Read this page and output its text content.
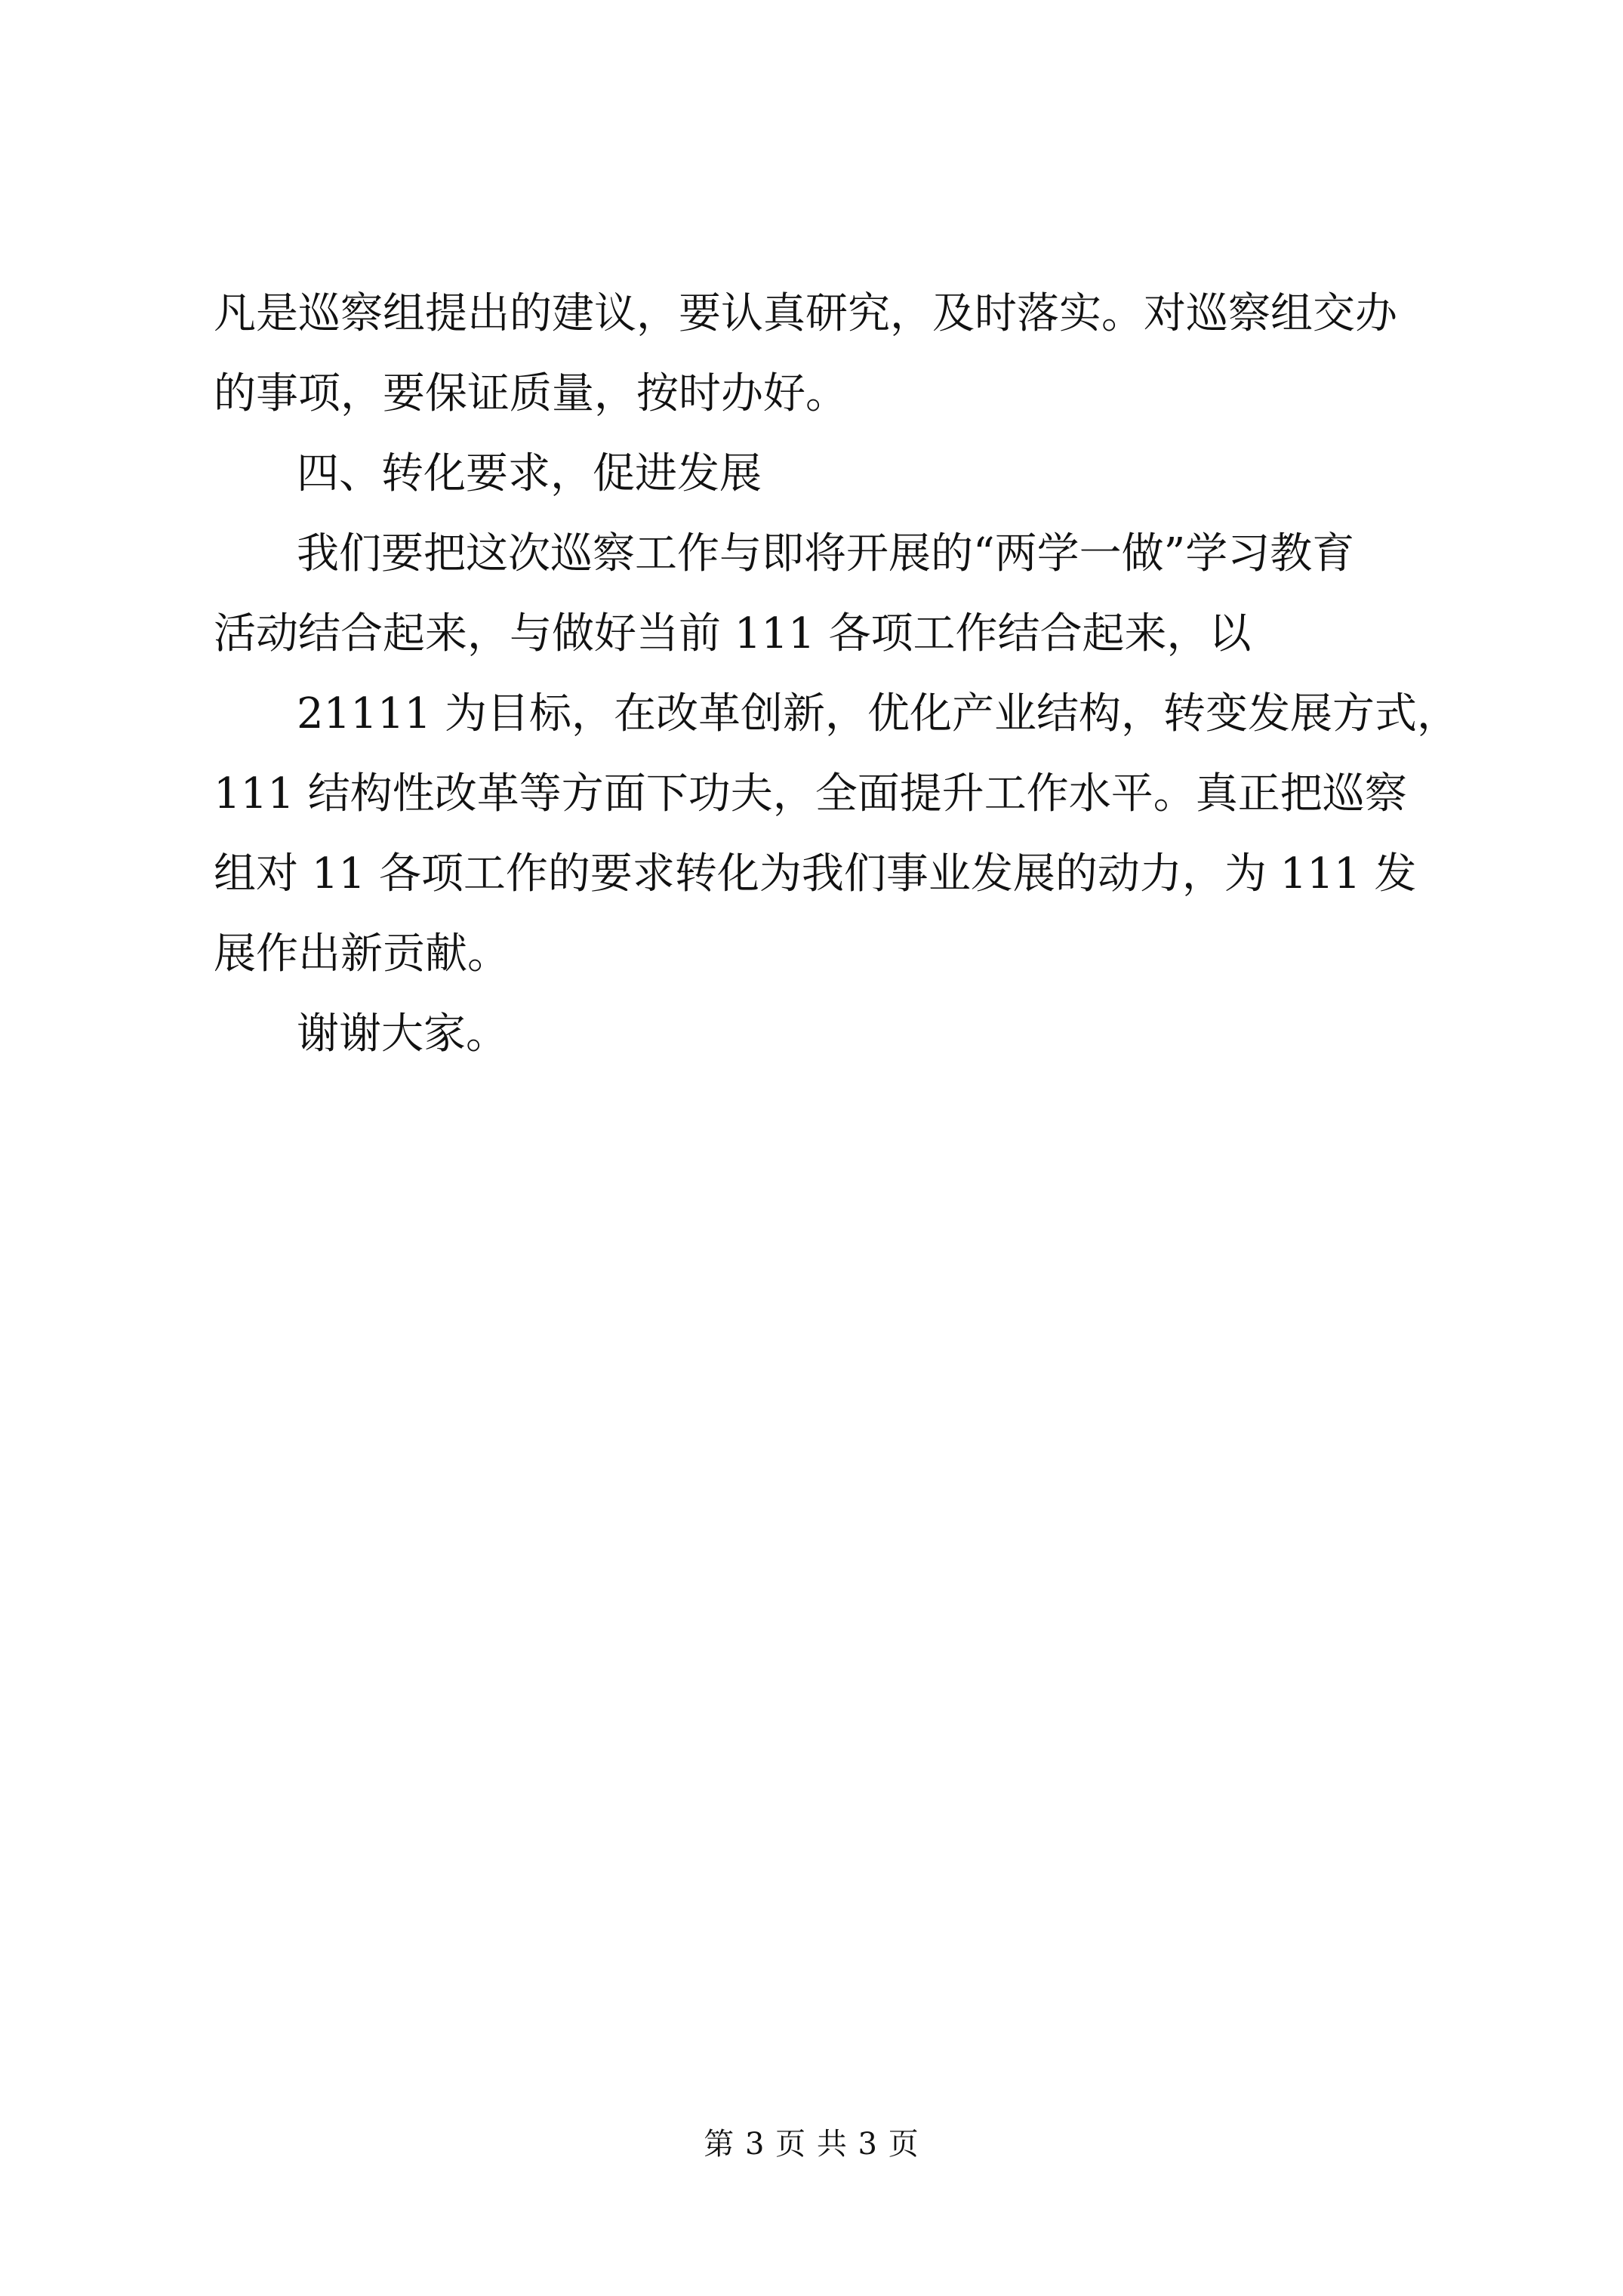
凡是巡察组提出的建议，要认真研究，及时落实。对巡察组交办
的事项，要保证质量，按时办好。
四、转化要求，促进发展
我们要把这次巡察工作与即将开展的“两学一做”学习教育
活动结合起来，与做好当前 111 各项工作结合起来，以
21111 为目标，在改革创新，优化产业结构，转变发展方式，
111 结构性改革等方面下功夫，全面提升工作水平。真正把巡察
组对 11 各项工作的要求转化为我们事业发展的动力，为 111 发
展作出新贡献。
谢谢大家。
第 3 页 共 3 页
